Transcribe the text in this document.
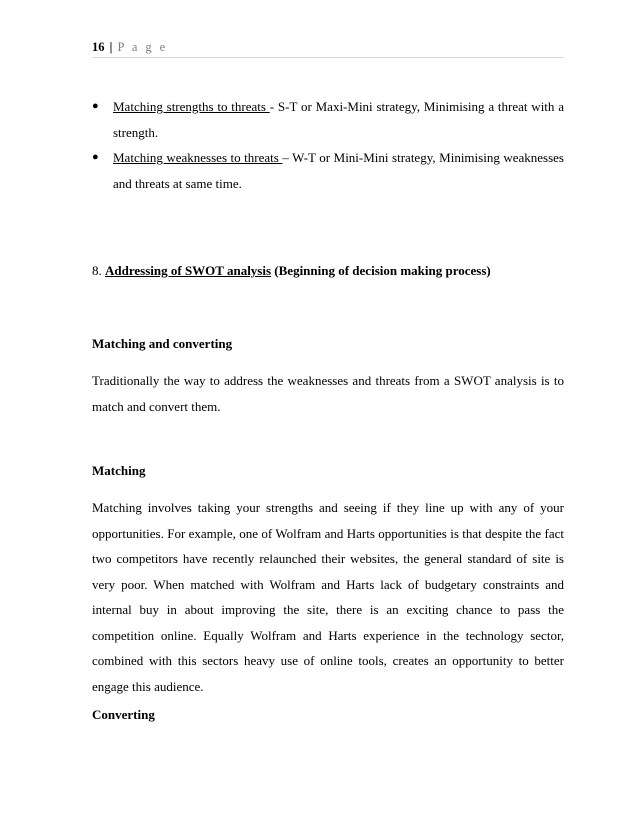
16 | P a g e
● Matching strengths to threats - S-T or Maxi-Mini strategy, Minimising a threat with a strength.
● Matching weaknesses to threats – W-T or Mini-Mini strategy, Minimising weaknesses and threats at same time.
8. Addressing of SWOT analysis (Beginning of decision making process)
Matching and converting
Traditionally the way to address the weaknesses and threats from a SWOT analysis is to match and convert them.
Matching
Matching involves taking your strengths and seeing if they line up with any of your opportunities. For example, one of Wolfram and Harts opportunities is that despite the fact two competitors have recently relaunched their websites, the general standard of site is very poor. When matched with Wolfram and Harts lack of budgetary constraints and internal buy in about improving the site, there is an exciting chance to pass the competition online. Equally Wolfram and Harts experience in the technology sector, combined with this sectors heavy use of online tools, creates an opportunity to better engage this audience.
Converting
